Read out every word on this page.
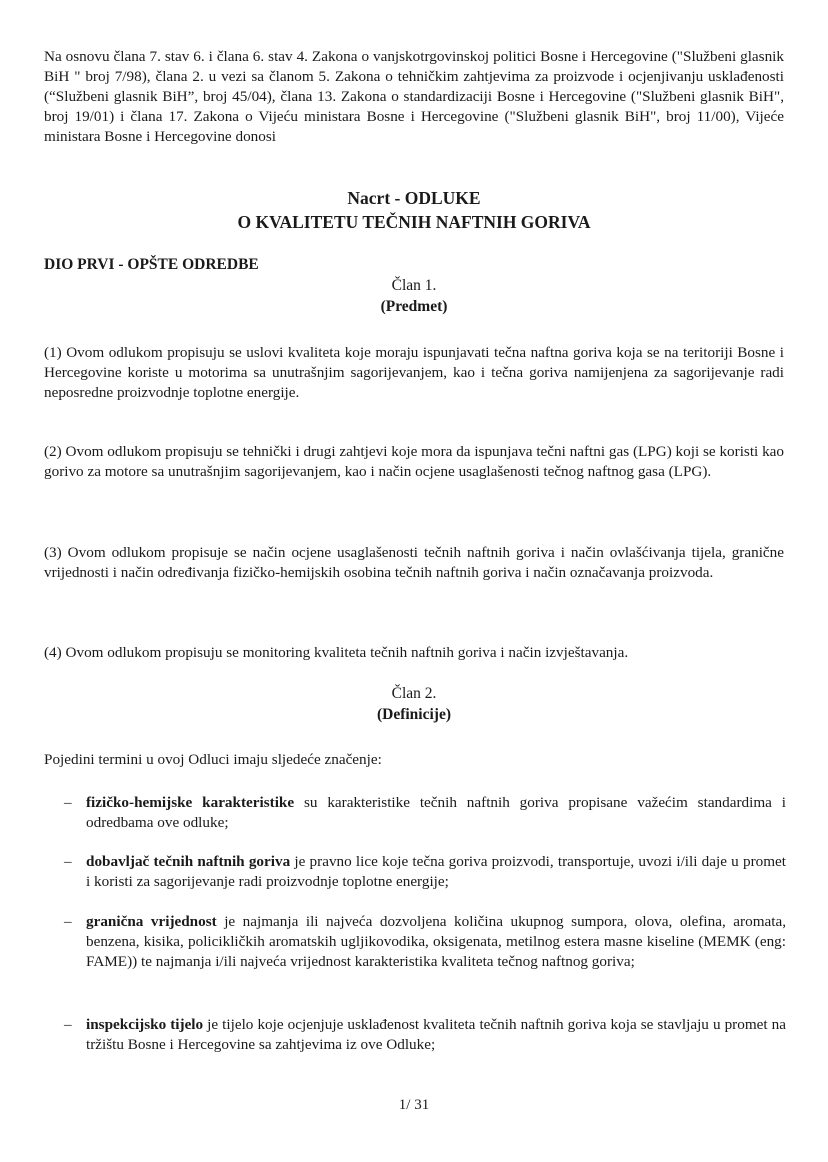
Na osnovu člana 7. stav 6. i člana 6. stav 4. Zakona o vanjskotrgovinskoj politici Bosne i Hercegovine ("Službeni glasnik BiH " broj 7/98), člana 2. u vezi sa članom 5. Zakona o tehničkim zahtjevima za proizvode i ocjenjivanju usklađenosti (“Službeni glasnik BiH”, broj 45/04), člana 13. Zakona o standardizaciji Bosne i Hercegovine ("Službeni glasnik BiH", broj 19/01) i člana 17. Zakona o Vijeću ministara Bosne i Hercegovine ("Službeni glasnik BiH", broj 11/00), Vijeće ministara Bosne i Hercegovine donosi
Nacrt - ODLUKE
O KVALITETU TEČNIH NAFTNIH GORIVA
DIO PRVI - OPŠTE ODREDBE
Član 1.
(Predmet)
(1) Ovom odlukom propisuju se uslovi kvaliteta koje moraju ispunjavati tečna naftna goriva koja se na teritoriji Bosne i Hercegovine koriste u motorima sa unutrašnjim sagorijevanjem, kao i tečna goriva namijenjena za sagorijevanje radi neposredne proizvodnje toplotne energije.
(2) Ovom odlukom propisuju se tehnički i drugi zahtjevi koje mora da ispunjava tečni naftni gas (LPG) koji se koristi kao gorivo za motore sa unutrašnjim sagorijevanjem, kao i način ocjene usaglašenosti tečnog naftnog gasa (LPG).
(3) Ovom odlukom propisuje se način ocjene usaglašenosti tečnih naftnih goriva i način ovlašćivanja tijela, granične vrijednosti i način određivanja fizičko-hemijskih osobina tečnih naftnih goriva i način označavanja proizvoda.
(4) Ovom odlukom propisuju se monitoring kvaliteta tečnih naftnih goriva i način izvještavanja.
Član 2.
(Definicije)
Pojedini termini u ovoj Odluci imaju sljedeće značenje:
– fizičko-hemijske karakteristike su karakteristike tečnih naftnih goriva propisane važećim standardima i odredbama ove odluke;
– dobavljač tečnih naftnih goriva je pravno lice koje tečna goriva proizvodi, transportuje, uvozi i/ili daje u promet i koristi za sagorijevanje radi proizvodnje toplotne energije;
– granična vrijednost je najmanja ili najveća dozvoljena količina ukupnog sumpora, olova, olefina, aromata, benzena, kisika, policikličkih aromatskih ugljikovodika, oksigenata, metilnog estera masne kiseline (MEMK (eng: FAME)) te najmanja i/ili najveća vrijednost karakteristika kvaliteta tečnog naftnog goriva;
– inspekcijsko tijelo je tijelo koje ocjenjuje usklađenost kvaliteta tečnih naftnih goriva koja se stavljaju u promet na tržištu Bosne i Hercegovine sa zahtjevima iz ove Odluke;
1/ 31
